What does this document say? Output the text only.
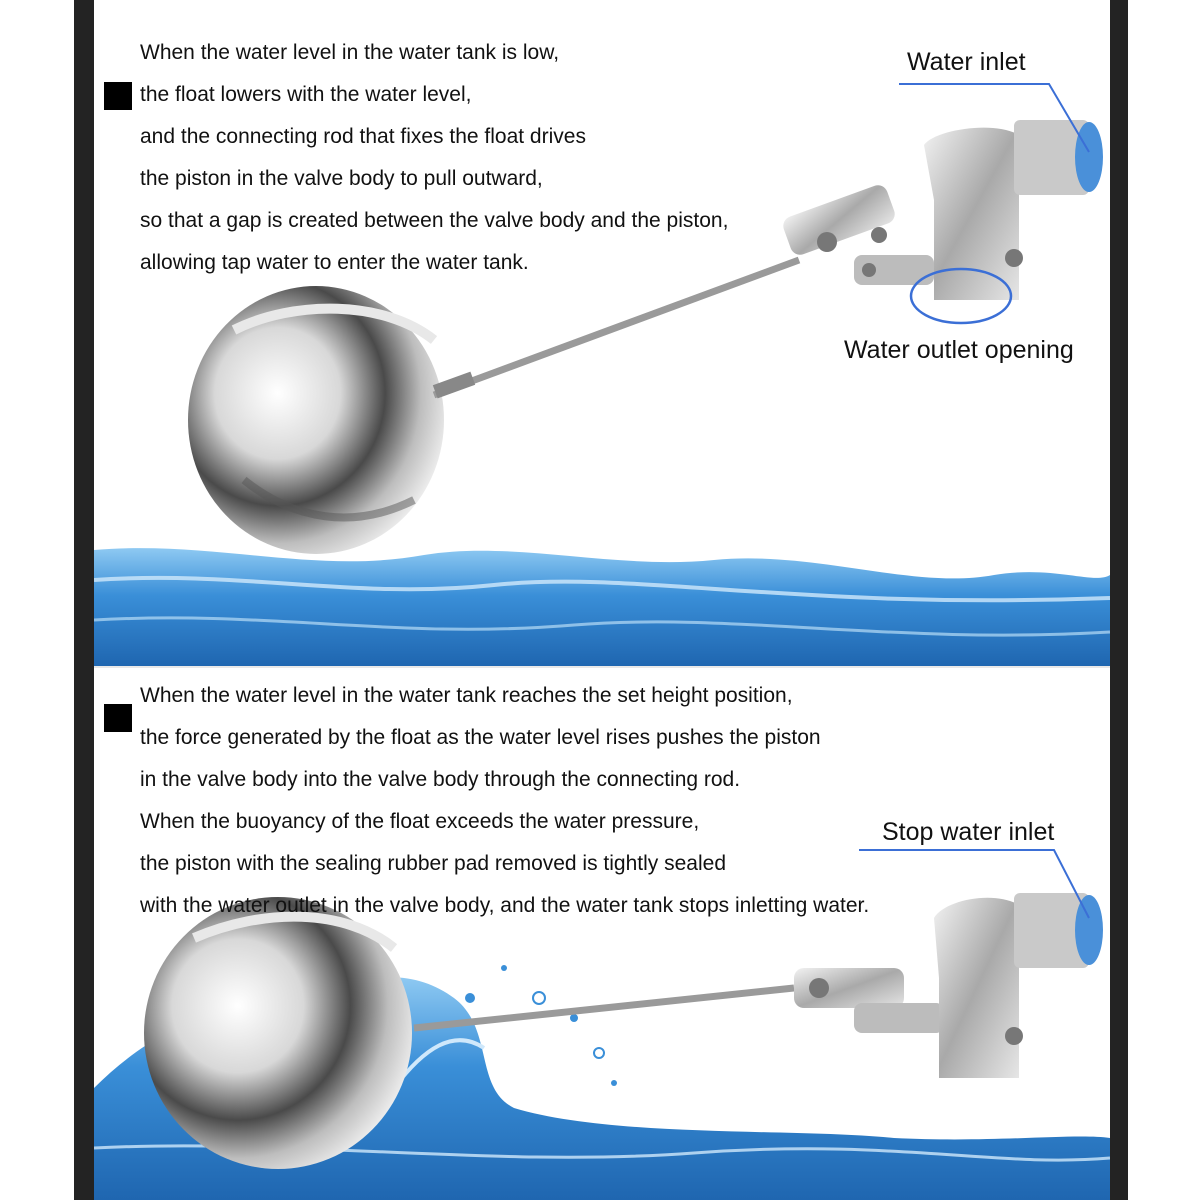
When the water level in the water tank is low,
the float lowers with the water level,
and the connecting rod that fixes the float drives
the piston in the valve body to pull outward,
so that a gap is created between the valve body and the piston,
allowing tap water to enter the water tank.
Water inlet
Water outlet opening
When the water level in the water tank reaches the set height position,
the force generated by the float as the water level rises pushes the piston
in the valve body into the valve body through the connecting rod.
When the buoyancy of the float exceeds the water pressure,
the piston with the sealing rubber pad removed is tightly sealed
with the water outlet in the valve body, and the water tank stops inletting water.
Stop water inlet
